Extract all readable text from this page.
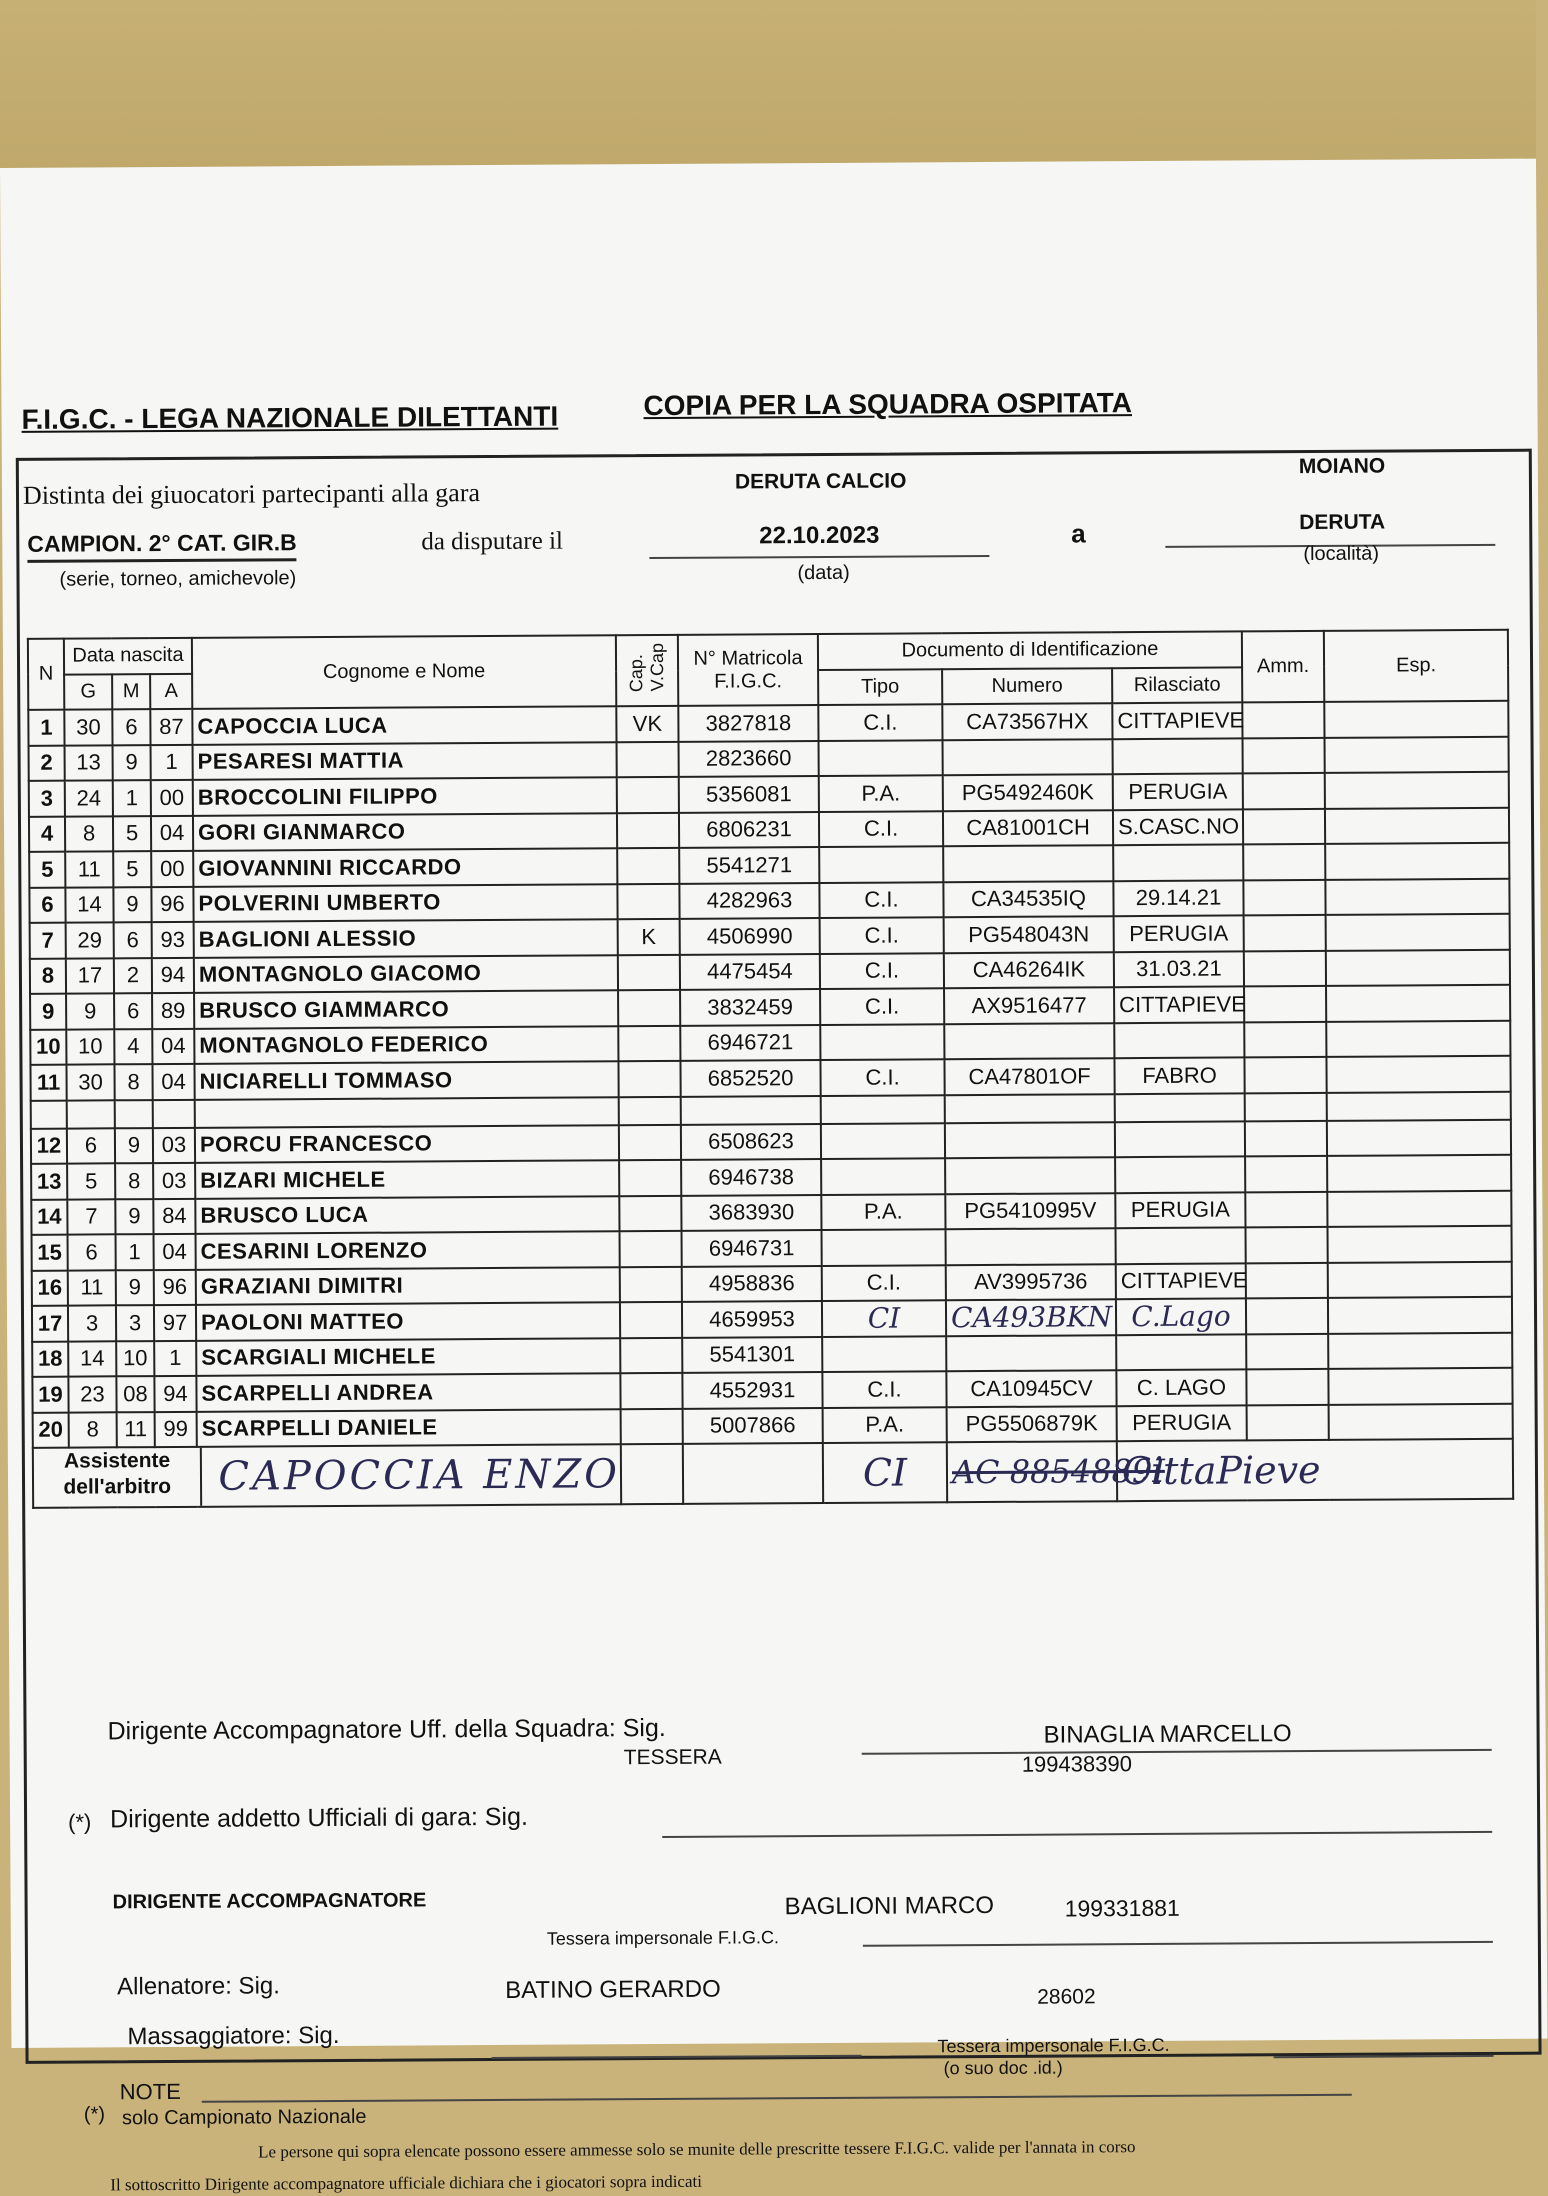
F.I.G.C. - LEGA NAZIONALE DILETTANTI	COPIA PER LA SQUADRA OSPITATA
Distinta dei giuocatori partecipanti alla gara	DERUTA CALCIO
MOIANO
CAMPION. 2° CAT. GIR.B	da disputare il	22.10.2023	a	DERUTA
(serie, torneo, amichevole)	(data)
(località)
N	Data nascita			Cognome e Nome	Cap.V.Cap	N° Matricola
F.I.G.C.	Documento di Identificazione			Amm.	Esp.
	G	M	A				Tipo	Numero	Rilasciato		
1	30	6	87	CAPOCCIA LUCA	VK	3827818	C.I.	CA73567HX	CITTAPIEVE		
2	13	9	1	PESARESI MATTIA		2823660					
3	24	1	00	BROCCOLINI FILIPPO		5356081	P.A.	PG5492460K	PERUGIA		
4	8	5	04	GORI GIANMARCO		6806231	C.I.	CA81001CH	S.CASC.NO		
5	11	5	00	GIOVANNINI RICCARDO		5541271					
6	14	9	96	POLVERINI UMBERTO		4282963	C.I.	CA34535IQ	29.14.21		
7	29	6	93	BAGLIONI ALESSIO	K	4506990	C.I.	PG548043N	PERUGIA		
8	17	2	94	MONTAGNOLO GIACOMO		4475454	C.I.	CA46264IK	31.03.21		
9	9	6	89	BRUSCO GIAMMARCO		3832459	C.I.	AX9516477	CITTAPIEVE		
10	10	4	04	MONTAGNOLO FEDERICO		6946721					
11	30	8	04	NICIARELLI TOMMASO		6852520	C.I.	CA47801OF	FABRO		

12	6	9	03	PORCU FRANCESCO		6508623					
13	5	8	03	BIZARI MICHELE		6946738					
14	7	9	84	BRUSCO LUCA		3683930	P.A.	PG5410995V	PERUGIA		
15	6	1	04	CESARINI LORENZO		6946731					
16	11	9	96	GRAZIANI DIMITRI		4958836	C.I.	AV3995736	CITTAPIEVE		
17	3	3	97	PAOLONI MATTEO		4659953	CI	CA493BKN	C.Lago		
18	14	10	1	SCARGIALI MICHELE		5541301					
19	23	08	94	SCARPELLI ANDREA		4552931	C.I.	CA10945CV	C. LAGO		
20	8	11	99	SCARPELLI DANIELE		5007866	P.A.	PG5506879K	PERUGIA		

Assistente
dell'arbitro CAPOCCIA ENZO							CI	AC 8854889I	CittaPieve		
Dirigente Accompagnatore Uff. della Squadra: Sig.	BINAGLIA MARCELLO
TESSERA	199438390
(*) Dirigente addetto Ufficiali di gara: Sig.
DIRIGENTE ACCOMPAGNATORE	BAGLIONI MARCO	199331881
Tessera impersonale F.I.G.C.
Allenatore: Sig.	BATINO GERARDO	28602
Massaggiatore: Sig.	Tessera impersonale F.I.G.C.
(o suo doc .id.)
NOTE
(*) solo Campionato Nazionale
Le persone qui sopra elencate possono essere ammesse solo se munite delle prescritte tessere F.I.G.C. valide per l'annata in corso
Il sottoscritto Dirigente accompagnatore ufficiale dichiara che i giocatori sopra indicati
